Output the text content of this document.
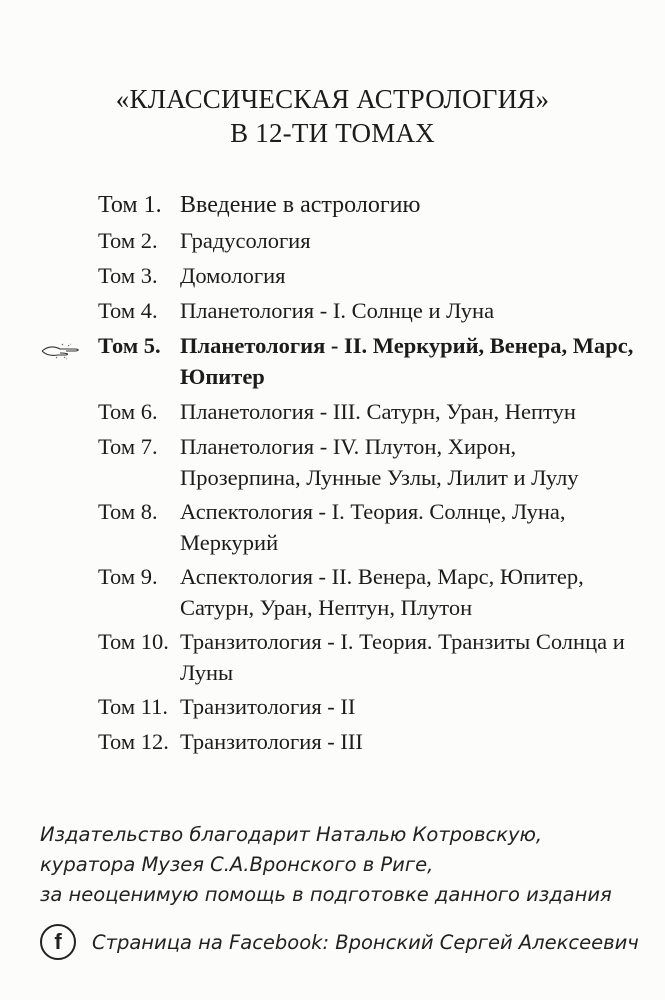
«КЛАССИЧЕСКАЯ АСТРОЛОГИЯ»
В 12-ТИ ТОМАХ
Том 1. Введение в астрологию
Том 2. Градусология
Том 3. Домология
Том 4. Планетология - I. Солнце и Луна
Том 5. Планетология - II. Меркурий, Венера, Марс, Юпитер
Том 6. Планетология - III. Сатурн, Уран, Нептун
Том 7. Планетология - IV. Плутон, Хирон, Прозерпина, Лунные Узлы, Лилит и Лулу
Том 8. Аспектология - I. Теория. Солнце, Луна, Меркурий
Том 9. Аспектология - II. Венера, Марс, Юпитер, Сатурн, Уран, Нептун, Плутон
Том 10. Транзитология - I. Теория. Транзиты Солнца и Луны
Том 11. Транзитология - II
Том 12. Транзитология - III
Издательство благодарит Наталью Котровскую,
куратора Музея С.А.Вронского в Риге,
за неоценимую помощь в подготовке данного издания
f	Страница на Facebook: Вронский Сергей Алексеевич
